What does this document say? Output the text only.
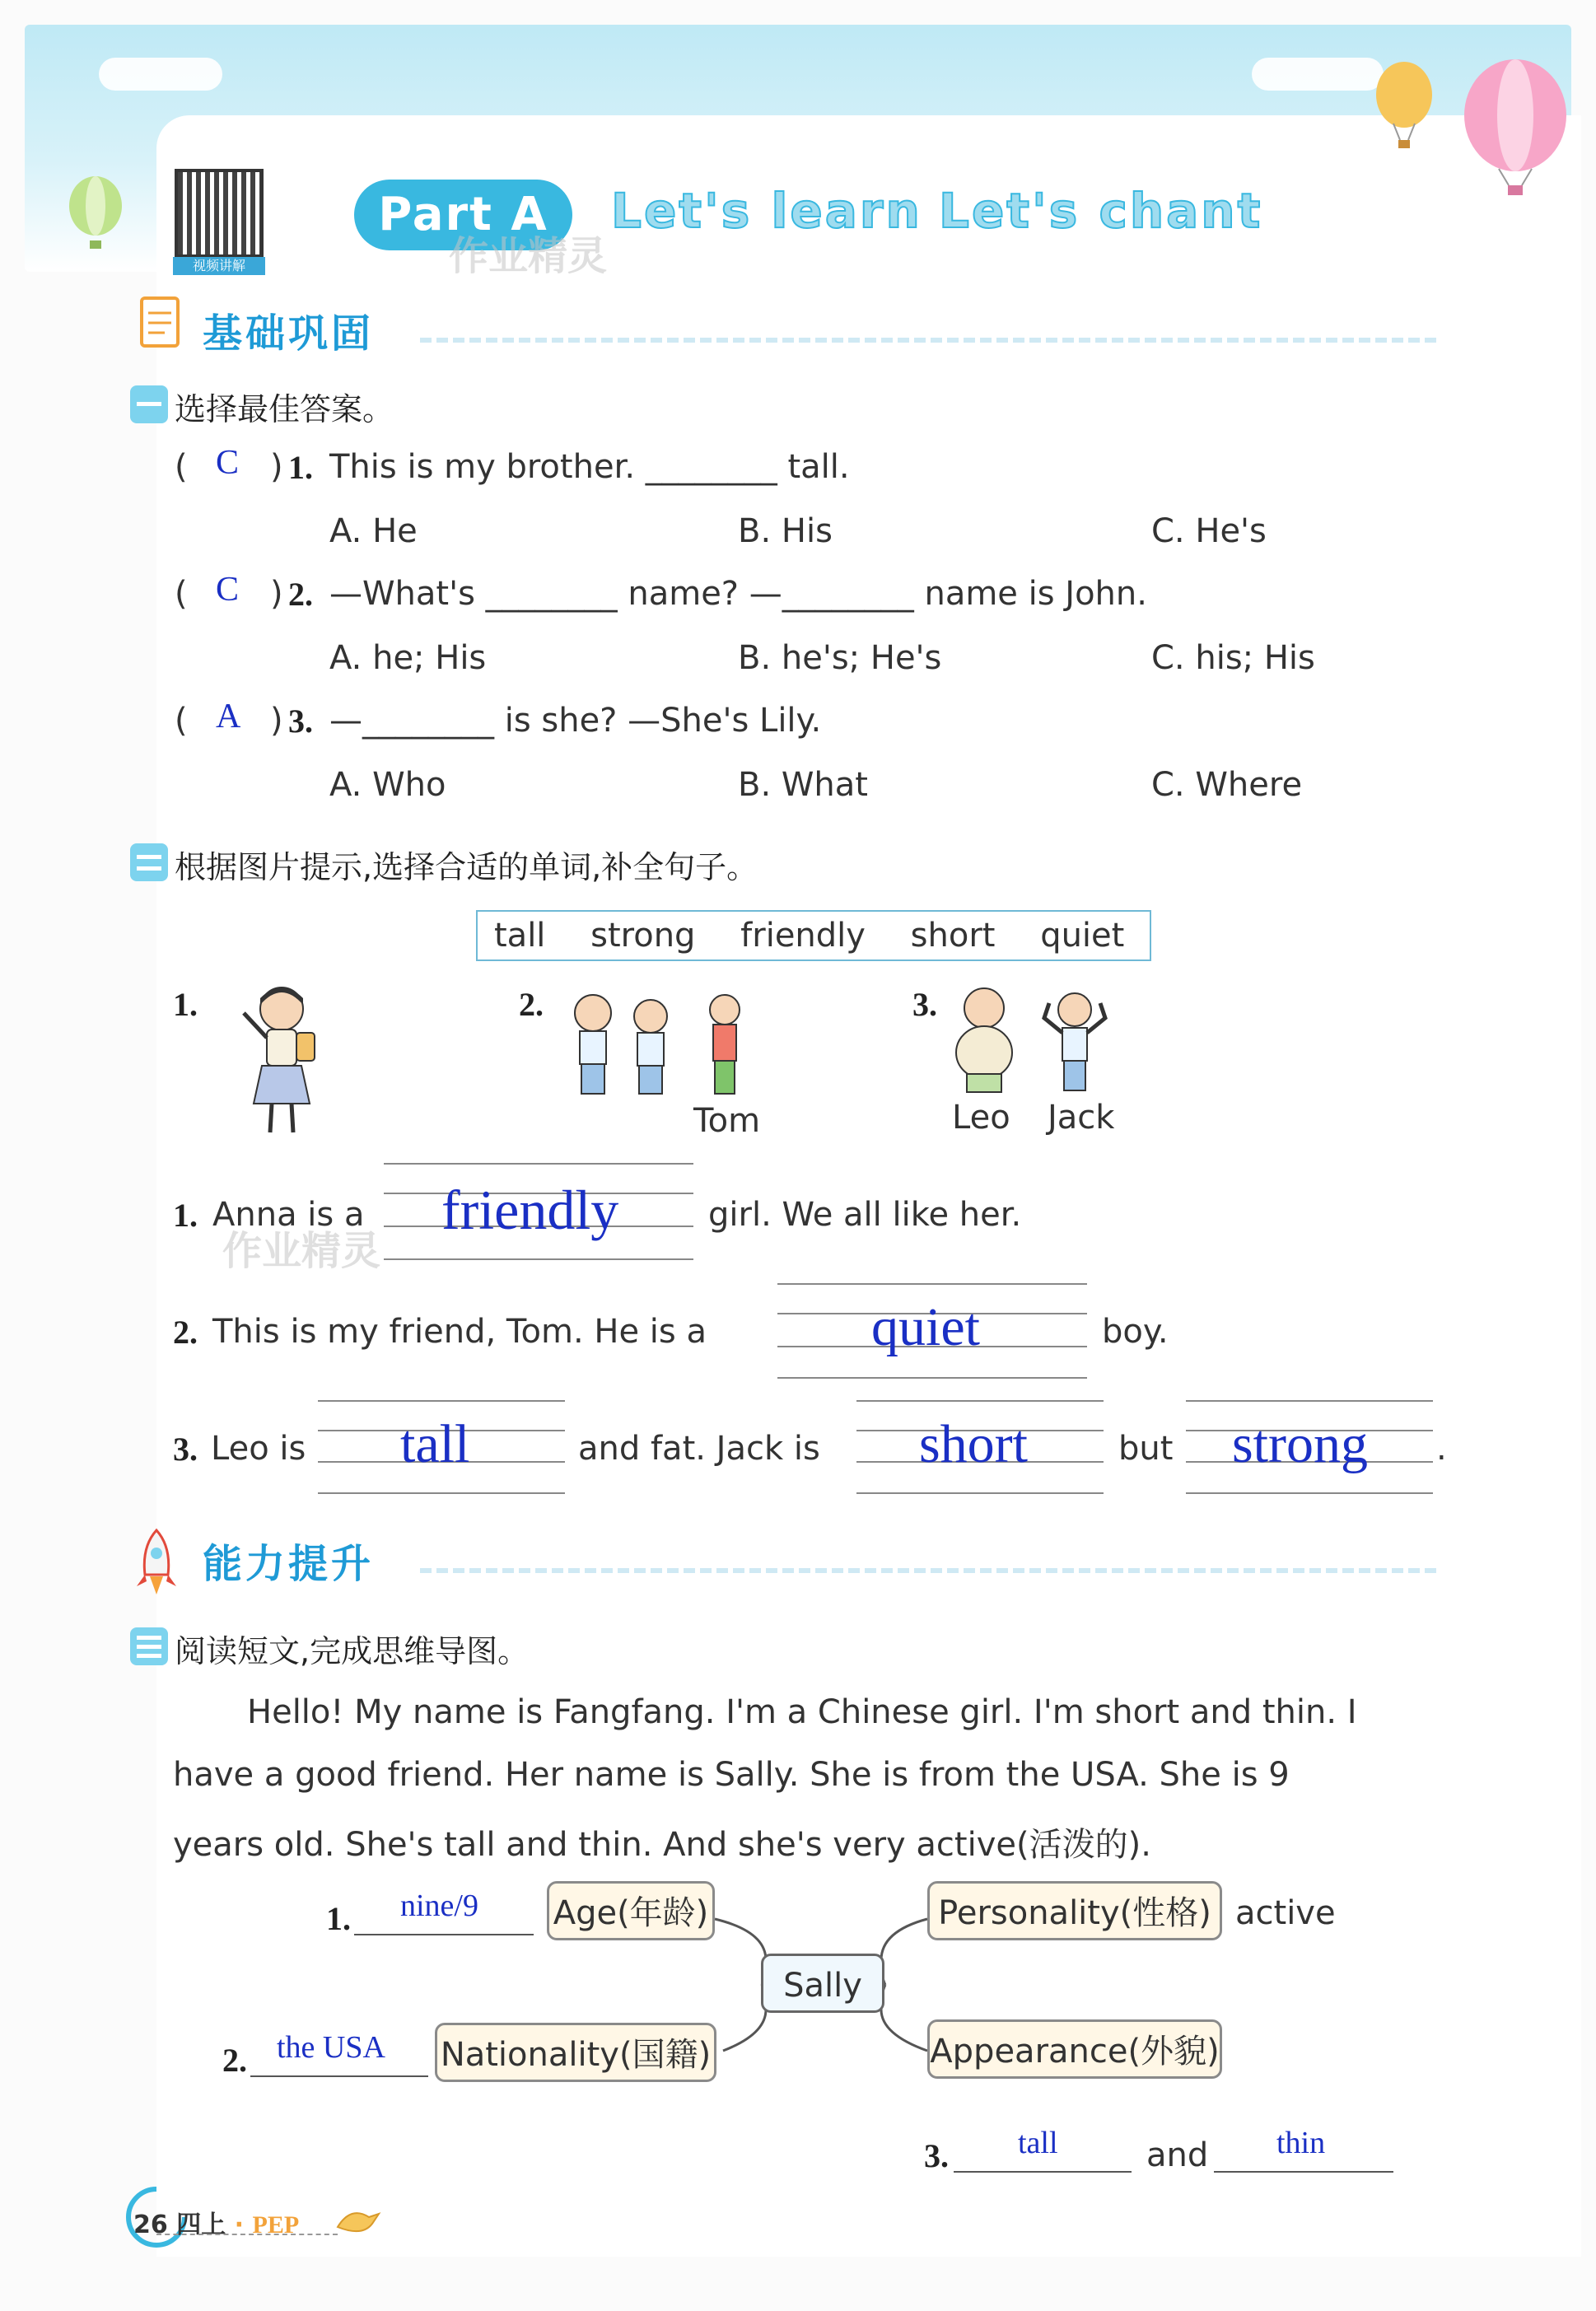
视频讲解
Part A	Let's learn Let's chant
作业精灵
基础巩固
选择最佳答案。
( C ) 1. This is my brother. ________ tall.
A. He	B. His	C. He's
( C ) 2. —What's ________ name? —________ name is John.
A. he; His	B. he's; He's	C. his; His
( A ) 3. —________ is she? —She's Lily.
A. Who	B. What	C. Where
根据图片提示,选择合适的单词,补全句子。
tall strong friendly short quiet
1.	2.
Tom
3.
Leo Jack
1. Anna is a friendly	girl. We all like her.
作业精灵
2. This is my friend, Tom. He is a	quiet	boy.
3. Leo is tall	and fat. Jack is short	but strong .
能力提升
阅读短文,完成思维导图。
Hello! My name is Fangfang. I'm a Chinese girl. I'm short and thin. I
have a good friend. Her name is Sally. She is from the USA. She is 9
years old. She's tall and thin. And she's very active(活泼的).
Sally
Age(年龄)
Nationality(国籍)
Personality(性格)
Appearance(外貌)
active
1. nine/9
2. the USA
3. tall	and thin
26 四上 · PEP
